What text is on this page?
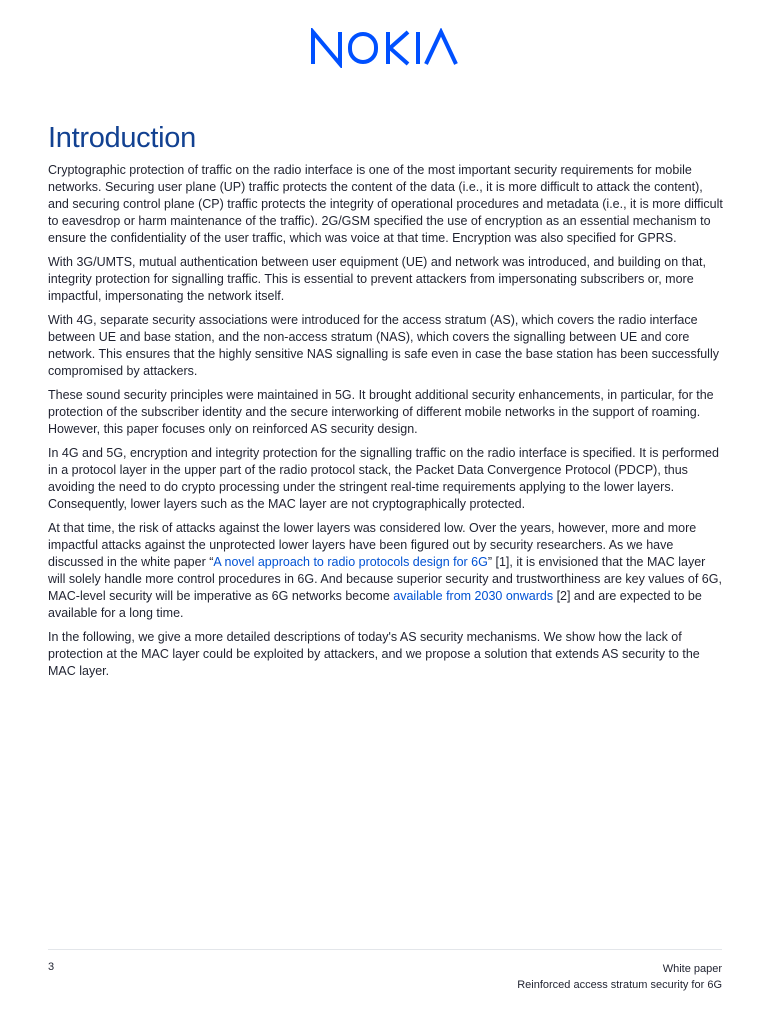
Introduction

Cryptographic protection of traffic on the radio interface is one of the most important security requirements for mobile networks. Securing user plane (UP) traffic protects the content of the data (i.e., it is more difficult to attack the content), and securing control plane (CP) traffic protects the integrity of operational procedures and metadata (i.e., it is more difficult to eavesdrop or harm maintenance of the traffic). 2G/GSM specified the use of encryption as an essential mechanism to ensure the confidentiality of the user traffic, which was voice at that time. Encryption was also specified for GPRS.

With 3G/UMTS, mutual authentication between user equipment (UE) and network was introduced, and building on that, integrity protection for signalling traffic. This is essential to prevent attackers from impersonating subscribers or, more impactful, impersonating the network itself.

With 4G, separate security associations were introduced for the access stratum (AS), which covers the radio interface between UE and base station, and the non-access stratum (NAS), which covers the signalling between UE and core network. This ensures that the highly sensitive NAS signalling is safe even in case the base station has been successfully compromised by attackers.

These sound security principles were maintained in 5G. It brought additional security enhancements, in particular, for the protection of the subscriber identity and the secure interworking of different mobile networks in the support of roaming. However, this paper focuses only on reinforced AS security design.

In 4G and 5G, encryption and integrity protection for the signalling traffic on the radio interface is specified. It is performed in a protocol layer in the upper part of the radio protocol stack, the Packet Data Convergence Protocol (PDCP), thus avoiding the need to do crypto processing under the stringent real-time requirements applying to the lower layers. Consequently, lower layers such as the MAC layer are not cryptographically protected.

At that time, the risk of attacks against the lower layers was considered low. Over the years, however, more and more impactful attacks against the unprotected lower layers have been figured out by security researchers. As we have discussed in the white paper “A novel approach to radio protocols design for 6G” [1], it is envisioned that the MAC layer will solely handle more control procedures in 6G. And because superior security and trustworthiness are key values of 6G, MAC-level security will be imperative as 6G networks become available from 2030 onwards [2] and are expected to be available for a long time.

In the following, we give a more detailed descriptions of today's AS security mechanisms. We show how the lack of protection at the MAC layer could be exploited by attackers, and we propose a solution that extends AS security to the MAC layer.

3	White paper
Reinforced access stratum security for 6G
